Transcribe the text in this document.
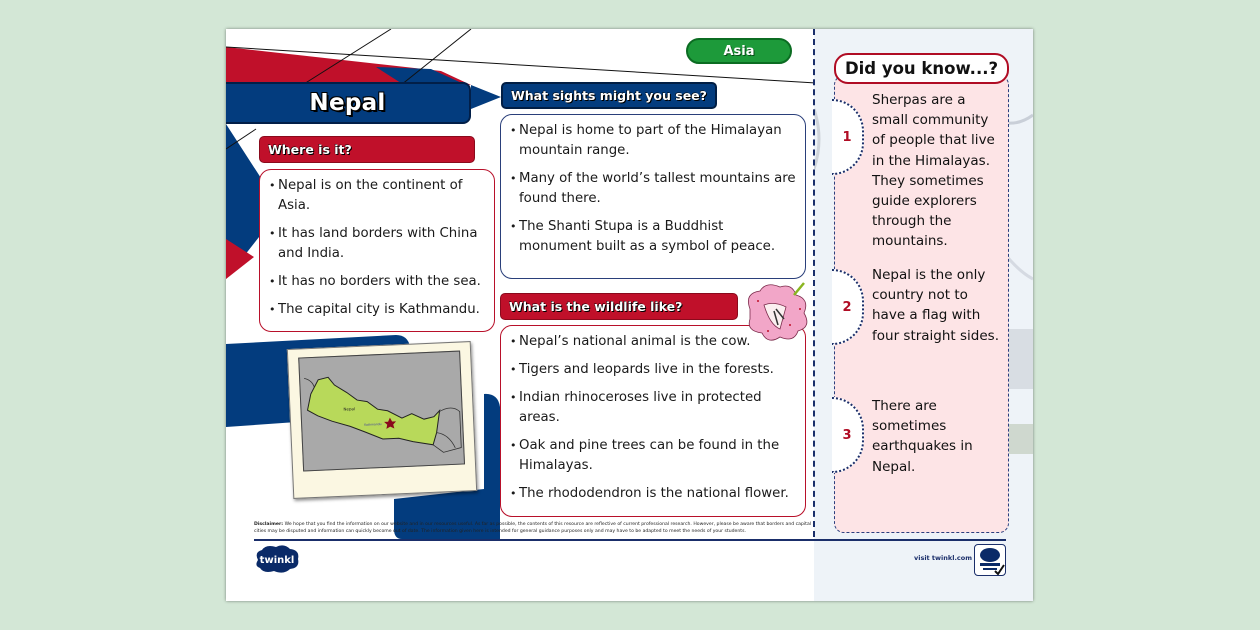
Nepal
Asia
Where is it?
• Nepal is on the continent of Asia.
• It has land borders with China and India.
• It has no borders with the sea.
• The capital city is Kathmandu.
What sights might you see?
• Nepal is home to part of the Himalayan mountain range.
• Many of the world’s tallest mountains are found there.
• The Shanti Stupa is a Buddhist monument built as a symbol of peace.
What is the wildlife like?
• Nepal’s national animal is the cow.
• Tigers and leopards live in the forests.
• Indian rhinoceroses live in protected areas.
• Oak and pine trees can be found in the Himalayas.
• The rhododendron is the national flower.
Nepal
Kathmandu
Did you know...?
1
Sherpas are a small community of people that live in the Himalayas. They sometimes guide explorers through the mountains.
2
Nepal is the only country not to have a flag with four straight sides.
3
There are sometimes earthquakes in Nepal.
Disclaimer: We hope that you find the information on our website and in our resources useful. As far as possible, the contents of this resource are reflective of current professional research. However, please be aware that borders and capital cities may be disputed and information can quickly become out of date. The information given here is intended for general guidance purposes only and may have to be adapted to meet the needs of your students.
twinkl	visit twinkl.com
